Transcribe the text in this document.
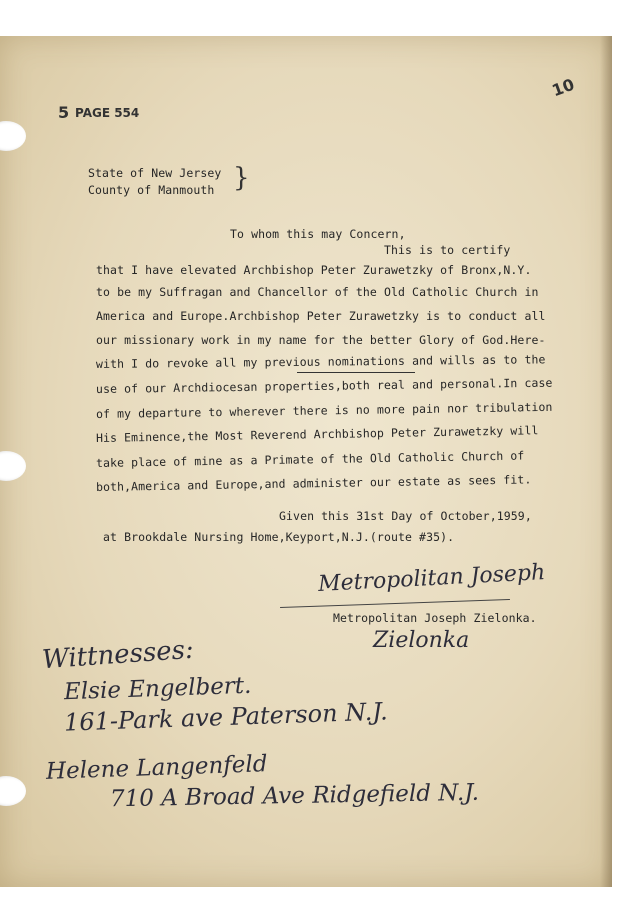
5 PAGE 554
10
State of New Jersey
County of Manmouth }
To whom this may Concern,
This is to certify
that I have elevated Archbishop Peter Zurawetzky of Bronx,N.Y.
to be my Suffragan and Chancellor of the Old Catholic Church in
America and Europe.Archbishop Peter Zurawetzky is to conduct all
our missionary work in my name for the better Glory of God.Here-
with I do revoke all my previous nominations and wills as to the
use of our Archdiocesan properties,both real and personal.In case
of my departure to wherever there is no more pain nor tribulation
His Eminence,the Most Reverend Archbishop Peter Zurawetzky will
take place of mine as a Primate of the Old Catholic Church of
both,America and Europe,and administer our estate as sees fit.
Given this 31st Day of October,1959,
at Brookdale Nursing Home,Keyport,N.J.(route #35).
Metropolitan Joseph
Metropolitan Joseph Zielonka.
Zielonka
Wittnesses:
Elsie Engelbert.
161-Park ave Paterson N.J.
Helene Langenfeld
710 A Broad Ave Ridgefield N.J.
